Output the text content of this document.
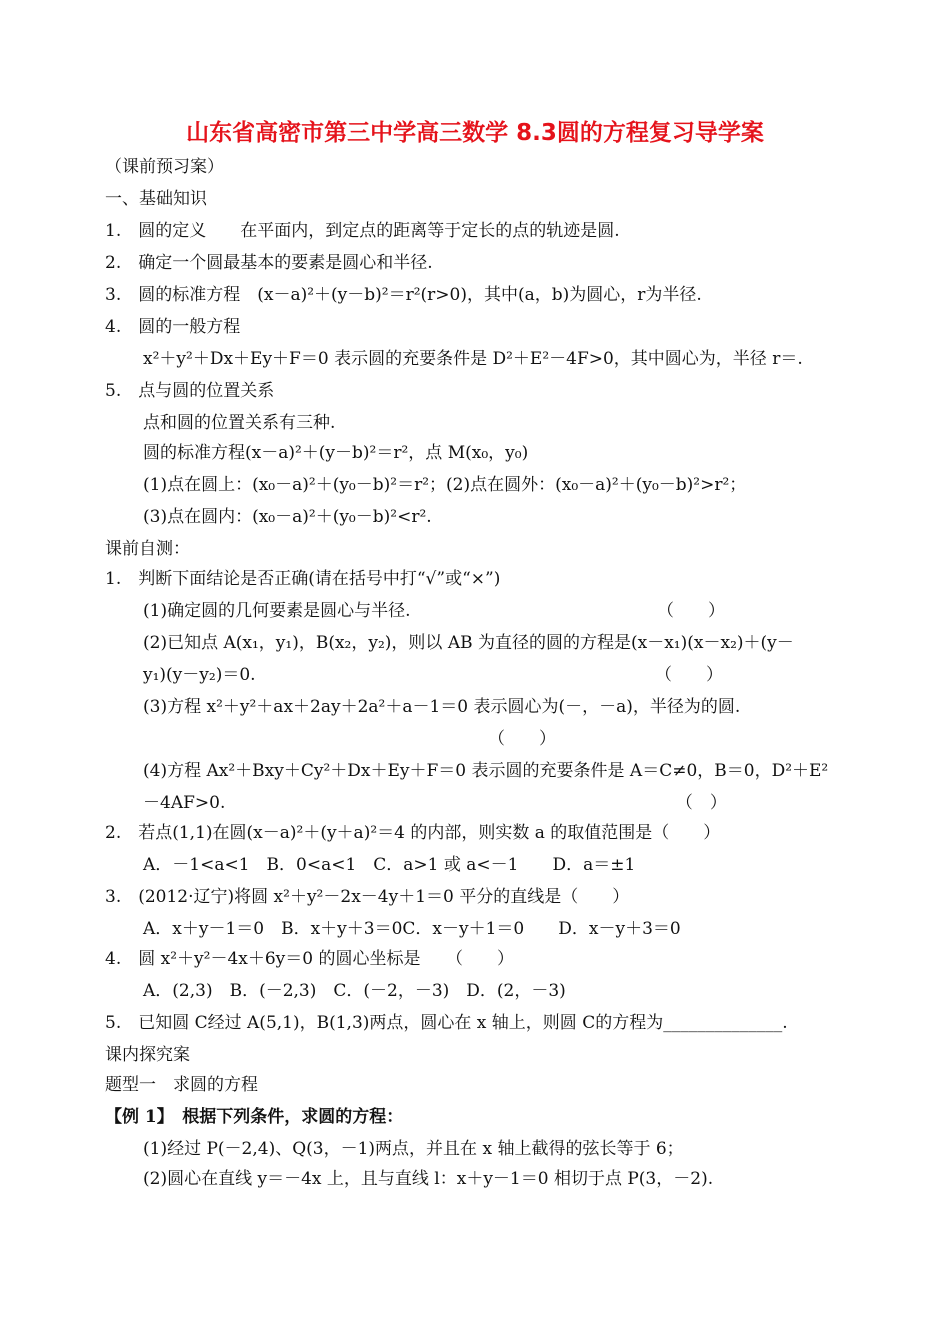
山东省高密市第三中学高三数学 8.3圆的方程复习导学案
（课前预习案）
一、基础知识
1.　圆的定义　　在平面内，到定点的距离等于定长的点的轨迹是圆.
2.　确定一个圆最基本的要素是圆心和半径.
3.　圆的标准方程　(x－a)²＋(y－b)²＝r²(r>0)，其中(a，b)为圆心，r为半径.
4.　圆的一般方程
x²＋y²＋Dx＋Ey＋F＝0 表示圆的充要条件是 D²＋E²－4F>0，其中圆心为，半径 r＝.
5.　点与圆的位置关系
点和圆的位置关系有三种.
圆的标准方程(x－a)²＋(y－b)²＝r²，点 M(x₀，y₀)
(1)点在圆上：(x₀－a)²＋(y₀－b)²＝r²；(2)点在圆外：(x₀－a)²＋(y₀－b)²>r²；
(3)点在圆内：(x₀－a)²＋(y₀－b)²<r².
课前自测：
1.　判断下面结论是否正确(请在括号中打“√”或“×”)
(1)确定圆的几何要素是圆心与半径.　　　　　　　　　　　　　　　（　　）
(2)已知点 A(x₁，y₁)，B(x₂，y₂)，则以 AB 为直径的圆的方程是(x－x₁)(x－x₂)＋(y－
y₁)(y－y₂)＝0.　　　　　　　　　　　　　　　　　　　　　　　　（　　）
(3)方程 x²＋y²＋ax＋2ay＋2a²＋a－1＝0 表示圆心为(－，－a)，半径为的圆.
（　　）
(4)方程 Ax²＋Bxy＋Cy²＋Dx＋Ey＋F＝0 表示圆的充要条件是 A＝C≠0，B＝0，D²＋E²
－4AF>0.　　　　　　　　　　　　　　　　　　　　　　　　　　　（　）
2.　若点(1,1)在圆(x－a)²＋(y＋a)²＝4 的内部，则实数 a 的取值范围是（　　）
A．－1<a<1　B．0<a<1　C．a>1 或 a<－1　　D．a＝±1
3.　(2012·辽宁)将圆 x²＋y²－2x－4y＋1＝0 平分的直线是（　　）
A．x＋y－1＝0　B．x＋y＋3＝0C．x－y＋1＝0　　D．x－y＋3＝0
4.　圆 x²＋y²－4x＋6y＝0 的圆心坐标是　　（　　）
A．(2,3)　B．(－2,3)　C．(－2，－3)　D．(2，－3)
5.　已知圆 C经过 A(5,1)，B(1,3)两点，圆心在 x 轴上，则圆 C的方程为______________.
课内探究案
题型一　求圆的方程
【例 1】　根据下列条件，求圆的方程：
(1)经过 P(－2,4)、Q(3，－1)两点，并且在 x 轴上截得的弦长等于 6；
(2)圆心在直线 y＝－4x 上，且与直线 l：x＋y－1＝0 相切于点 P(3，－2).
